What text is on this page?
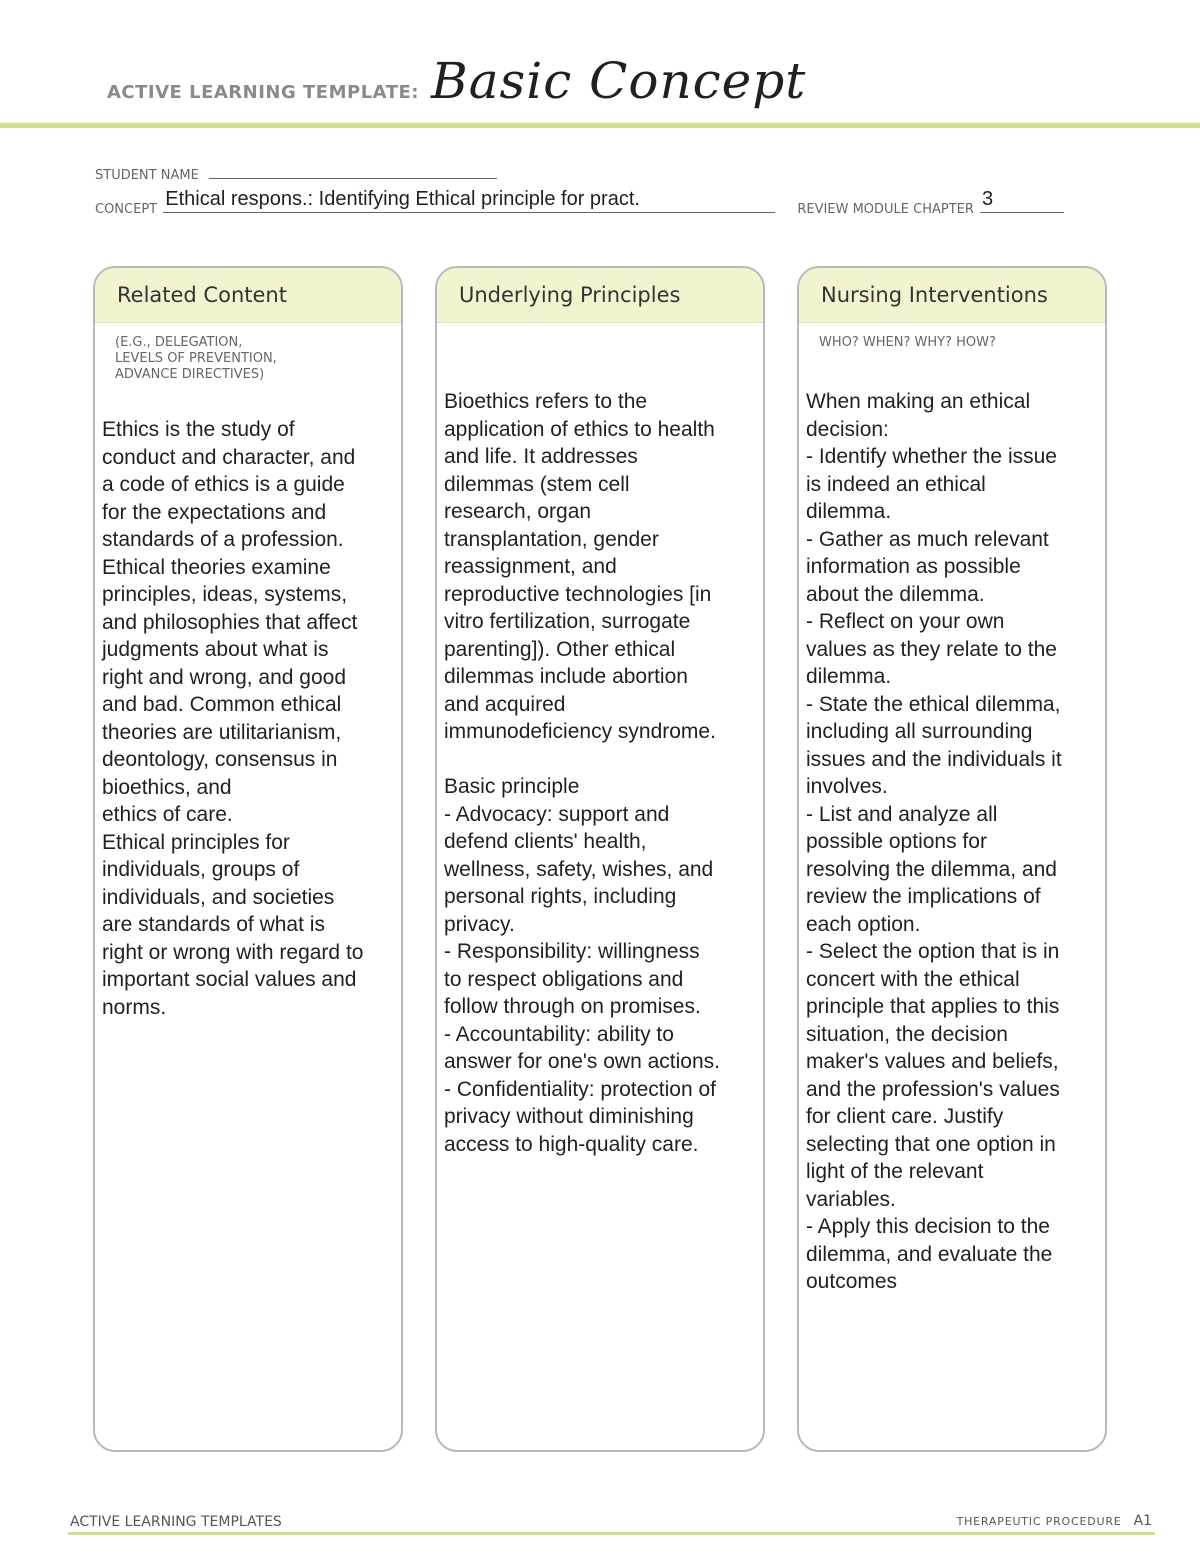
ACTIVE LEARNING TEMPLATE: Basic Concept
STUDENT NAME
CONCEPT Ethical respons.: Identifying Ethical principle for pract.	REVIEW MODULE CHAPTER 3
Related Content
(E.G., DELEGATION,
LEVELS OF PREVENTION,
ADVANCE DIRECTIVES)
Ethics is the study of
conduct and character, and
a code of ethics is a guide
for the expectations and
standards of a profession.
Ethical theories examine
principles, ideas, systems,
and philosophies that affect
judgments about what is
right and wrong, and good
and bad. Common ethical
theories are utilitarianism,
deontology, consensus in
bioethics, and
ethics of care.
Ethical principles for
individuals, groups of
individuals, and societies
are standards of what is
right or wrong with regard to
important social values and
norms.
Underlying Principles
Bioethics refers to the
application of ethics to health
and life. It addresses
dilemmas (stem cell
research, organ
transplantation, gender
reassignment, and
reproductive technologies [in
vitro fertilization, surrogate
parenting]). Other ethical
dilemmas include abortion
and acquired
immunodeficiency syndrome.

Basic principle
- Advocacy: support and
defend clients' health,
wellness, safety, wishes, and
personal rights, including
privacy.
- Responsibility: willingness
to respect obligations and
follow through on promises.
- Accountability: ability to
answer for one's own actions.
- Confidentiality: protection of
privacy without diminishing
access to high-quality care.
Nursing Interventions
WHO? WHEN? WHY? HOW?
When making an ethical
decision:
- Identify whether the issue
is indeed an ethical
dilemma.
- Gather as much relevant
information as possible
about the dilemma.
- Reflect on your own
values as they relate to the
dilemma.
- State the ethical dilemma,
including all surrounding
issues and the individuals it
involves.
- List and analyze all
possible options for
resolving the dilemma, and
review the implications of
each option.
- Select the option that is in
concert with the ethical
principle that applies to this
situation, the decision
maker's values and beliefs,
and the profession's values
for client care. Justify
selecting that one option in
light of the relevant
variables.
- Apply this decision to the
dilemma, and evaluate the
outcomes
ACTIVE LEARNING TEMPLATES	THERAPEUTIC PROCEDURE A1
